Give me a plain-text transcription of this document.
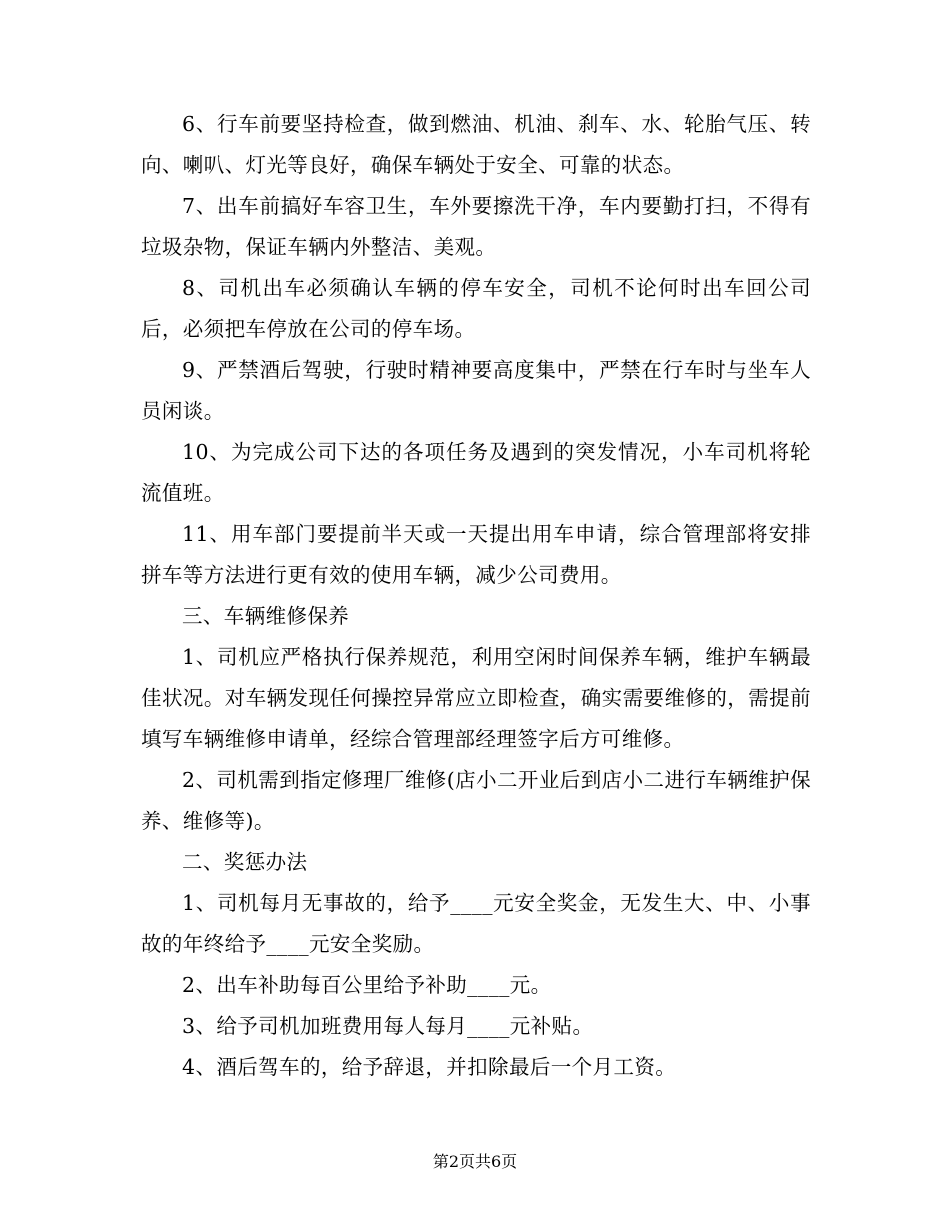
6、行车前要坚持检查，做到燃油、机油、刹车、水、轮胎气压、转向、喇叭、灯光等良好，确保车辆处于安全、可靠的状态。

7、出车前搞好车容卫生，车外要擦洗干净，车内要勤打扫，不得有垃圾杂物，保证车辆内外整洁、美观。

8、司机出车必须确认车辆的停车安全，司机不论何时出车回公司后，必须把车停放在公司的停车场。

9、严禁酒后驾驶，行驶时精神要高度集中，严禁在行车时与坐车人员闲谈。

10、为完成公司下达的各项任务及遇到的突发情况，小车司机将轮流值班。

11、用车部门要提前半天或一天提出用车申请，综合管理部将安排拼车等方法进行更有效的使用车辆，减少公司费用。

三、车辆维修保养

1、司机应严格执行保养规范，利用空闲时间保养车辆，维护车辆最佳状况。对车辆发现任何操控异常应立即检查，确实需要维修的，需提前填写车辆维修申请单，经综合管理部经理签字后方可维修。

2、司机需到指定修理厂维修(店小二开业后到店小二进行车辆维护保养、维修等)。

二、奖惩办法

1、司机每月无事故的，给予____元安全奖金，无发生大、中、小事故的年终给予____元安全奖励。

2、出车补助每百公里给予补助____元。

3、给予司机加班费用每人每月____元补贴。

4、酒后驾车的，给予辞退，并扣除最后一个月工资。

第2页共6页
